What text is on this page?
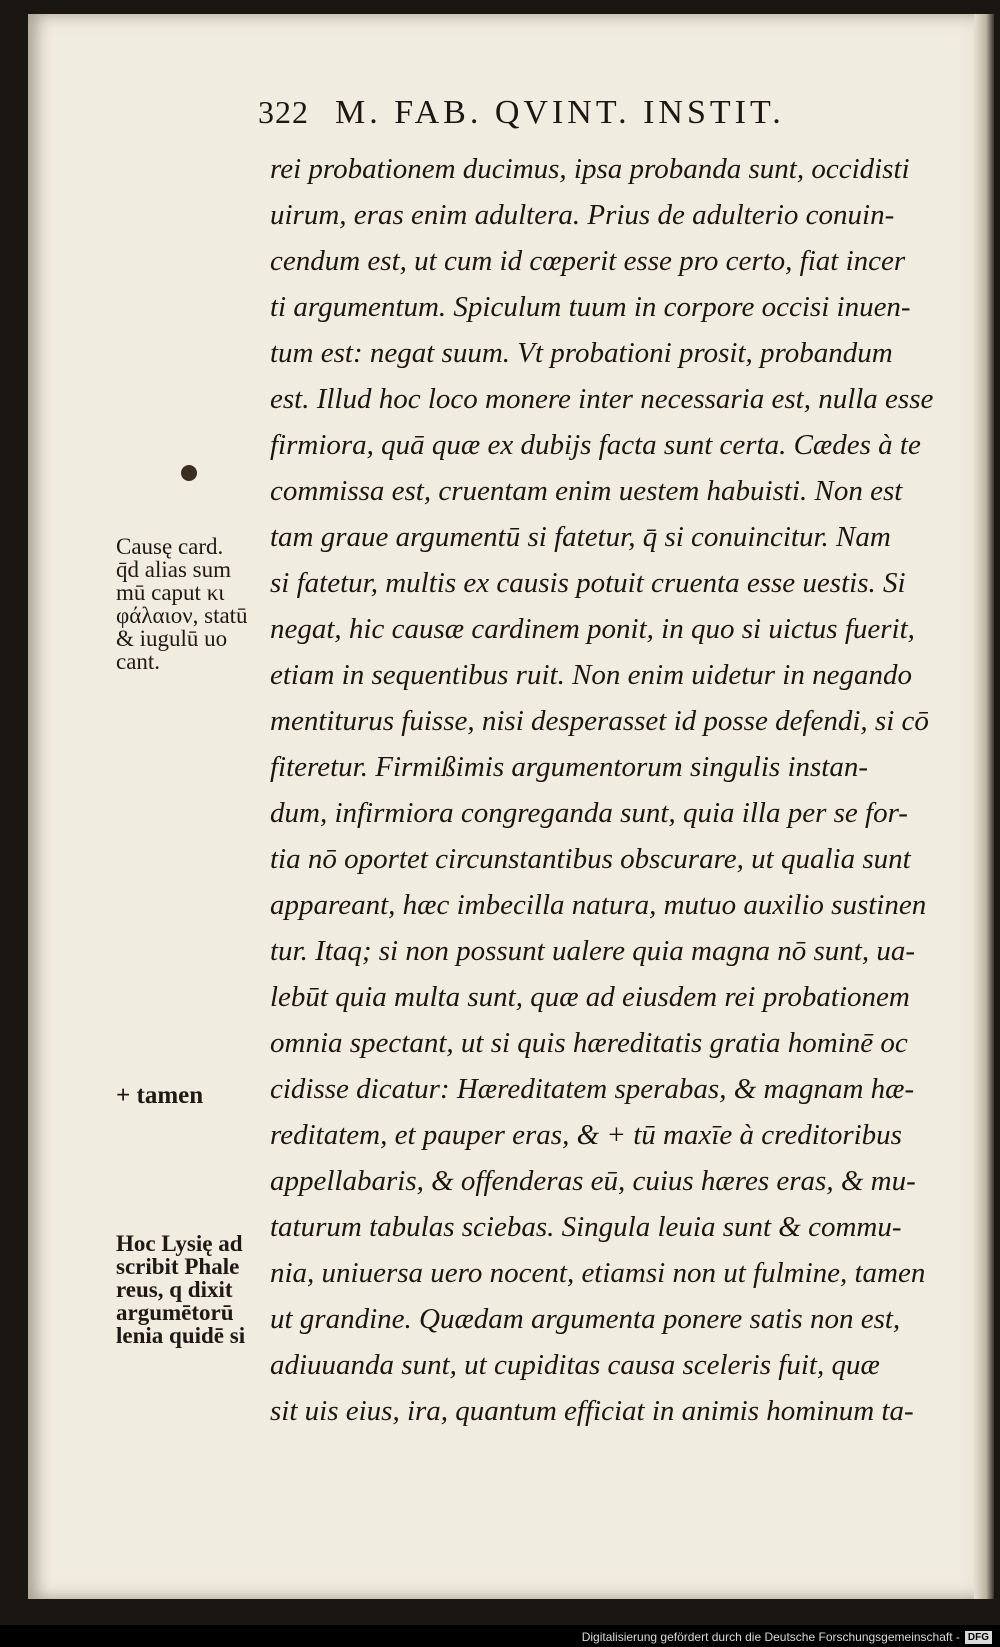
322 M. FAB. QVINT. INSTIT.
rei probationem ducimus, ipsa probanda sunt, occidisti
uirum, eras enim adultera. Prius de adulterio conuin-
cendum est, ut cum id cœperit esse pro certo, fiat incer
ti argumentum. Spiculum tuum in corpore occisi inuen-
tum est: negat suum. Vt probationi prosit, probandum
est. Illud hoc loco monere inter necessaria est, nulla esse
firmiora, quā quæ ex dubijs facta sunt certa. Cædes à te
commissa est, cruentam enim uestem habuisti. Non est
tam graue argumentū si fatetur, q̄ si conuincitur. Nam
si fatetur, multis ex causis potuit cruenta esse uestis. Si
negat, hic causæ cardinem ponit, in quo si uictus fuerit,
etiam in sequentibus ruit. Non enim uidetur in negando
mentiturus fuisse, nisi desperasset id posse defendi, si cō
fiteretur. Firmißimis argumentorum singulis instan-
dum, infirmiora congreganda sunt, quia illa per se for-
tia nō oportet circunstantibus obscurare, ut qualia sunt
appareant, hæc imbecilla natura, mutuo auxilio sustinen
tur. Itaq; si non possunt ualere quia magna nō sunt, ua-
lebūt quia multa sunt, quæ ad eiusdem rei probationem
omnia spectant, ut si quis hæreditatis gratia hominē oc
cidisse dicatur: Hæreditatem sperabas, & magnam hæ-
reditatem, et pauper eras, & + tū maxīe à creditoribus
appellabaris, & offenderas eū, cuius hæres eras, & mu-
taturum tabulas sciebas. Singula leuia sunt & commu-
nia, uniuersa uero nocent, etiamsi non ut fulmine, tamen
ut grandine. Quædam argumenta ponere satis non est,
adiuuanda sunt, ut cupiditas causa sceleris fuit, quæ
sit uis eius, ira, quantum efficiat in animis hominum ta-
Causę card.
q̄d alias sum
mū caput κι
φάλαιον, statū
& iugulū uo
cant.
+ tamen
Hoc Lysię ad
scribit Phale
reus, q dixit
argumētorū
lenia quidē si
Digitalisierung gefördert durch die Deutsche Forschungsgemeinschaft - DFG
